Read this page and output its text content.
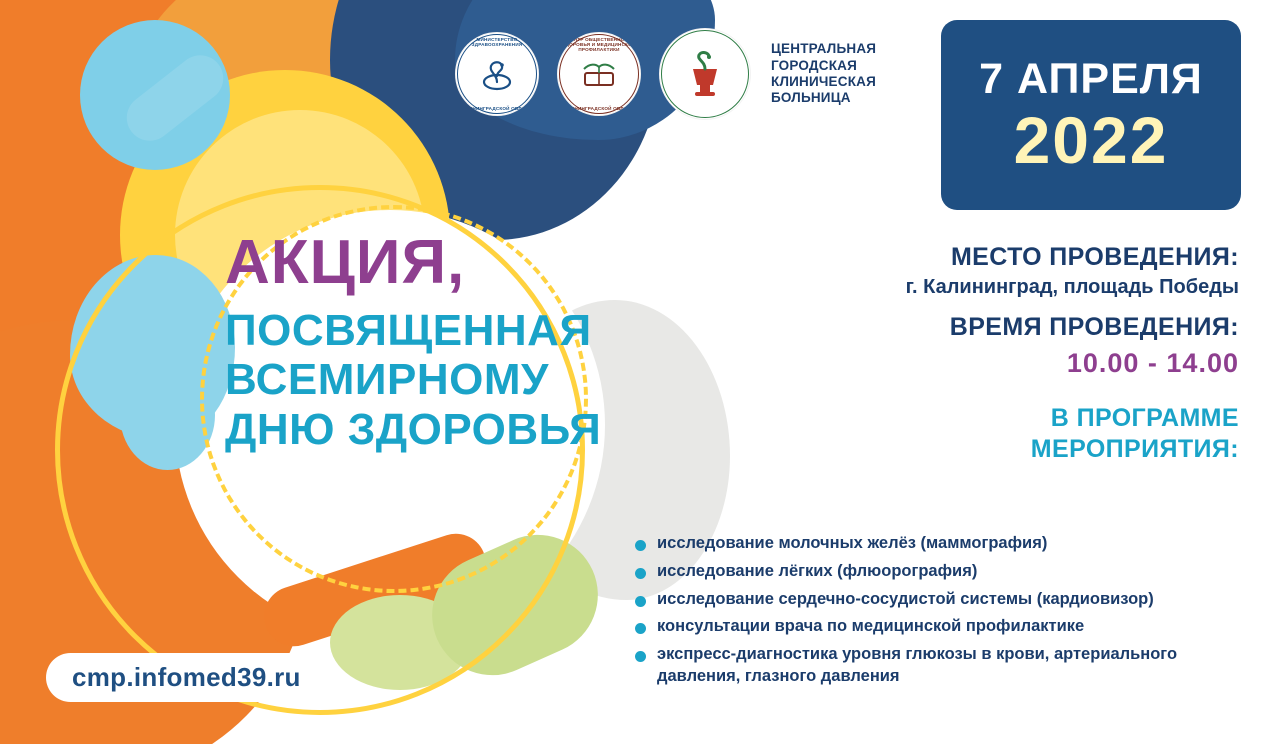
МИНИСТЕРСТВО ЗДРАВООХРАНЕНИЯ
КАЛИНИНГРАДСКОЙ ОБЛАСТИ
ЦЕНТР ОБЩЕСТВЕННОГО ЗДОРОВЬЯ И МЕДИЦИНСКОЙ ПРОФИЛАКТИКИ
КАЛИНИНГРАДСКОЙ ОБЛАСТИ
ЦЕНТРАЛЬНАЯ
ГОРОДСКАЯ
КЛИНИЧЕСКАЯ
БОЛЬНИЦА	7 АПРЕЛЯ
2022
АКЦИЯ,
ПОСВЯЩЕННАЯ
ВСЕМИРНОМУ
ДНЮ ЗДОРОВЬЯ
МЕСТО ПРОВЕДЕНИЯ:
г. Калининград, площадь Победы
ВРЕМЯ ПРОВЕДЕНИЯ:
10.00 - 14.00
В ПРОГРАММЕ
МЕРОПРИЯТИЯ:
исследование молочных желёз (маммография)
исследование лёгких (флюорография)
исследование сердечно-сосудистой системы (кардиовизор)
консультации врача по медицинской профилактике
экспресс-диагностика уровня глюкозы в крови, артериального давления, глазного давления
cmp.infomed39.ru
